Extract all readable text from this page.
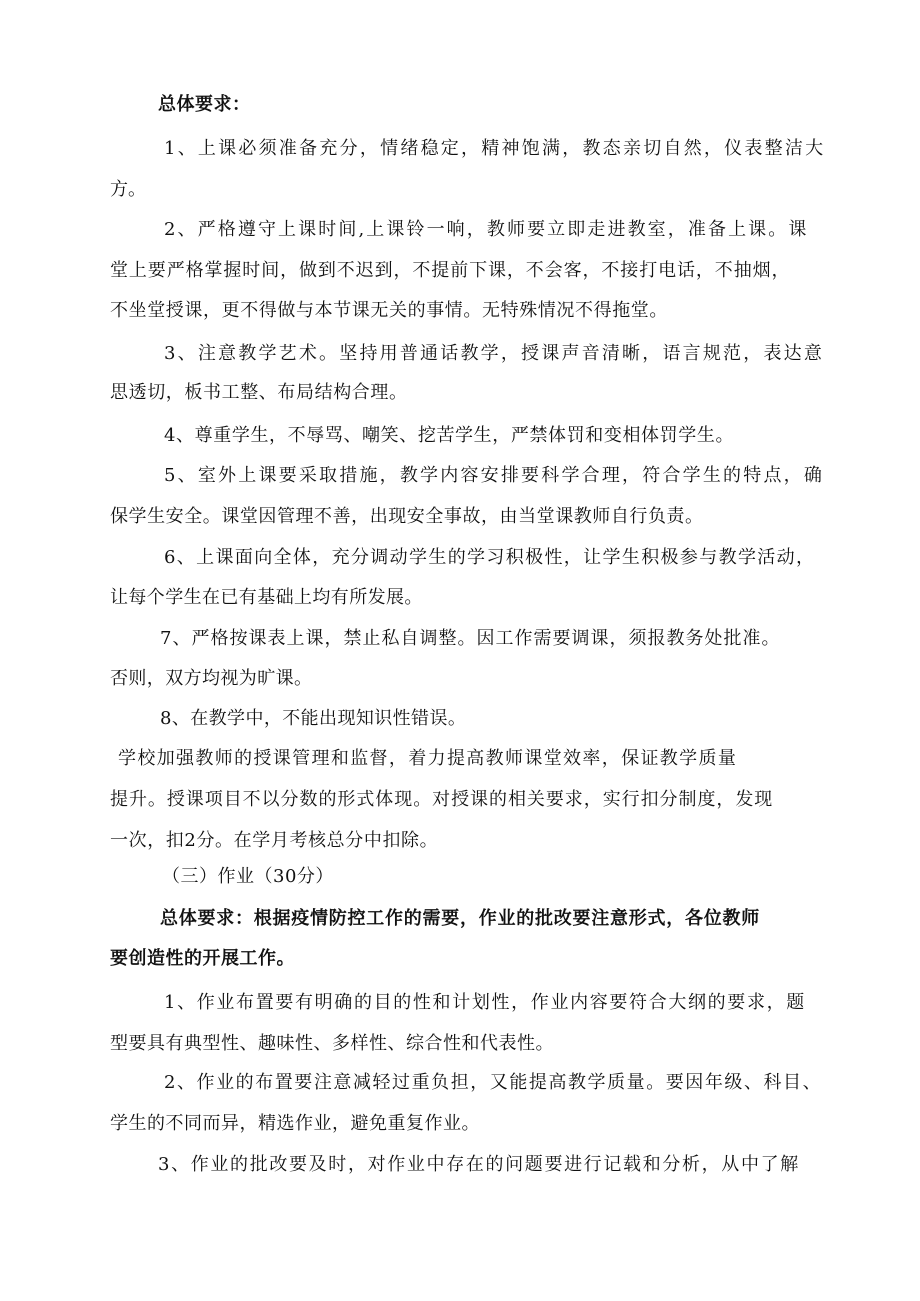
总体要求：
1、上课必须准备充分，情绪稳定，精神饱满，教态亲切自然，仪表整洁大
方。
2、严格遵守上课时间,上课铃一响，教师要立即走进教室，准备上课。课
堂上要严格掌握时间，做到不迟到，不提前下课，不会客，不接打电话，不抽烟，
不坐堂授课，更不得做与本节课无关的事情。无特殊情况不得拖堂。
3、注意教学艺术。坚持用普通话教学，授课声音清晰，语言规范，表达意
思透切，板书工整、布局结构合理。
4、尊重学生，不辱骂、嘲笑、挖苦学生，严禁体罚和变相体罚学生。
5、室外上课要采取措施，教学内容安排要科学合理，符合学生的特点，确
保学生安全。课堂因管理不善，出现安全事故，由当堂课教师自行负责。
6、上课面向全体，充分调动学生的学习积极性，让学生积极参与教学活动，
让每个学生在已有基础上均有所发展。
7、严格按课表上课，禁止私自调整。因工作需要调课，须报教务处批准。
否则，双方均视为旷课。
8、在教学中，不能出现知识性错误。
学校加强教师的授课管理和监督，着力提高教师课堂效率，保证教学质量
提升。授课项目不以分数的形式体现。对授课的相关要求，实行扣分制度，发现
一次，扣2分。在学月考核总分中扣除。
（三）作业（30分）
总体要求：根据疫情防控工作的需要，作业的批改要注意形式，各位教师
要创造性的开展工作。
1、作业布置要有明确的目的性和计划性，作业内容要符合大纲的要求，题
型要具有典型性、趣味性、多样性、综合性和代表性。
2、作业的布置要注意减轻过重负担，又能提高教学质量。要因年级、科目、
学生的不同而异，精选作业，避免重复作业。
3、作业的批改要及时，对作业中存在的问题要进行记载和分析，从中了解
